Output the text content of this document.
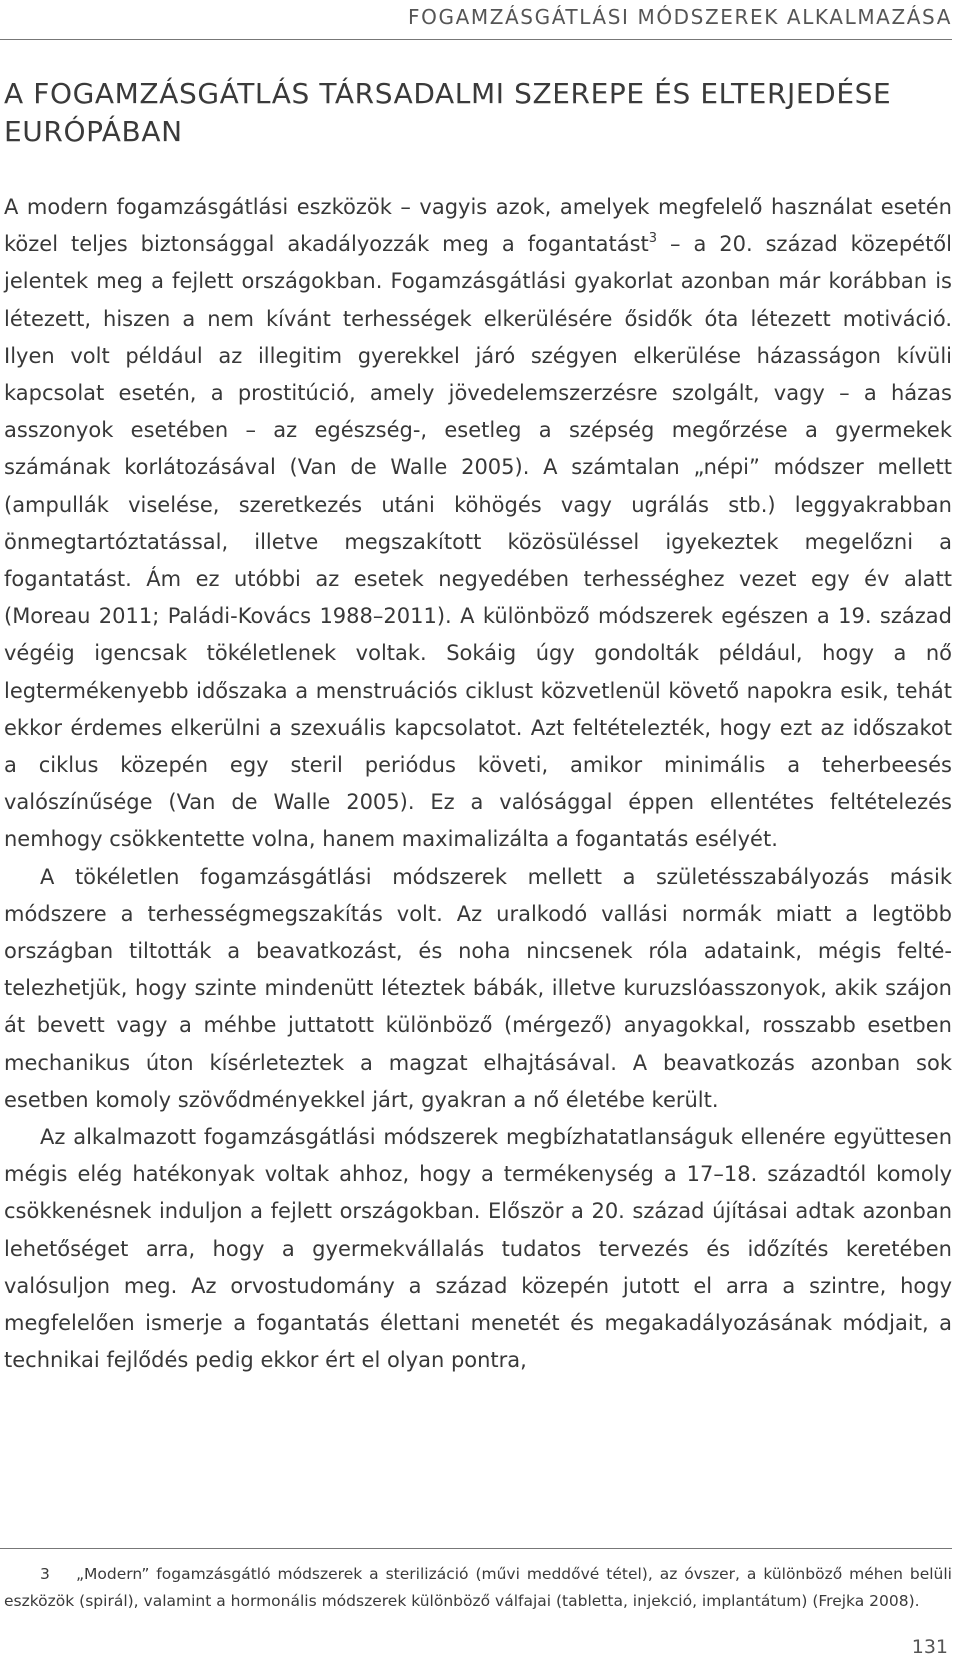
FOGAMZÁSGÁTLÁSI MÓDSZEREK ALKALMAZÁSA
A FOGAMZÁSGÁTLÁS TÁRSADALMI SZEREPE ÉS ELTERJEDÉSE EURÓPÁBAN

A modern fogamzásgátlási eszközök – vagyis azok, amelyek megfelelő használat esetén közel teljes biztonsággal akadályozzák meg a fogantatást$^3$ – a 20. század közepétől jelentek meg a fejlett országokban. Fogamzásgátlási gyakorlat azonban már korábban is létezett, hiszen a nem kívánt terhességek elkerülésére ősidők óta létezett motiváció. Ilyen volt például az illegitim gyerekkel járó szégyen elkerülése házasságon kívüli kapcsolat esetén, a prostitúció, amely jövedelemszerzésre szolgált, vagy – a házas asszonyok esetében – az egészség-, esetleg a szépség megőrzése a gyermekek számának korlátozásával (Van de Walle 2005). A számtalan „népi” módszer mellett (ampullák viselése, szeretkezés utáni köhögés vagy ugrálás stb.) leggyakrabban önmegtartóztatással, illetve megszakított közösüléssel igyekeztek megelőzni a fogantatást. Ám ez utóbbi az esetek negyedében terhességhez vezet egy év alatt (Moreau 2011; Paládi-Kovács 1988–2011). A különböző módszerek egészen a 19. század végéig igencsak tökéletlenek voltak. Sokáig úgy gondolták például, hogy a nő legtermékenyebb időszaka a menstruációs ciklust közvetlenül követő napokra esik, tehát ekkor érdemes elkerülni a szexuális kapcsolatot. Azt feltételezték, hogy ezt az időszakot a ciklus közepén egy steril periódus követi, amikor minimális a teherbeesés valószínűsége (Van de Walle 2005). Ez a valósággal éppen ellentétes feltételezés nemhogy csökkentette volna, hanem maximalizálta a fogantatás esélyét.

A tökéletlen fogamzásgátlási módszerek mellett a születésszabályozás másik módszere a terhességmegszakítás volt. Az uralkodó vallási normák miatt a legtöbb országban tiltották a beavatkozást, és noha nincsenek róla adataink, mégis feltételezhetjük, hogy szinte mindenütt léteztek bábák, illetve kuruzslóasszonyok, akik szájon át bevett vagy a méhbe juttatott különböző (mérgező) anyagokkal, rosszabb esetben mechanikus úton kísérleteztek a magzat elhajtásával. A beavatkozás azonban sok esetben komoly szövődményekkel járt, gyakran a nő életébe került.

Az alkalmazott fogamzásgátlási módszerek megbízhatatlanságuk ellenére együttesen mégis elég hatékonyak voltak ahhoz, hogy a termékenység a 17–18. századtól komoly csökkenésnek induljon a fejlett országokban. Először a 20. század újításai adtak azonban lehetőséget arra, hogy a gyermekvállalás tudatos tervezés és időzítés keretében valósuljon meg. Az orvostudomány a század közepén jutott el arra a szintre, hogy megfelelően ismerje a fogantatás élettani menetét és megakadályozásának módjait, a technikai fejlődés pedig ekkor ért el olyan pontra,

3 „Modern” fogamzásgátló módszerek a sterilizáció (művi meddővé tétel), az óvszer, a különböző méhen belüli eszközök (spirál), valamint a hormonális módszerek különböző válfajai (tabletta, injekció, implantátum) (Frejka 2008).
131
